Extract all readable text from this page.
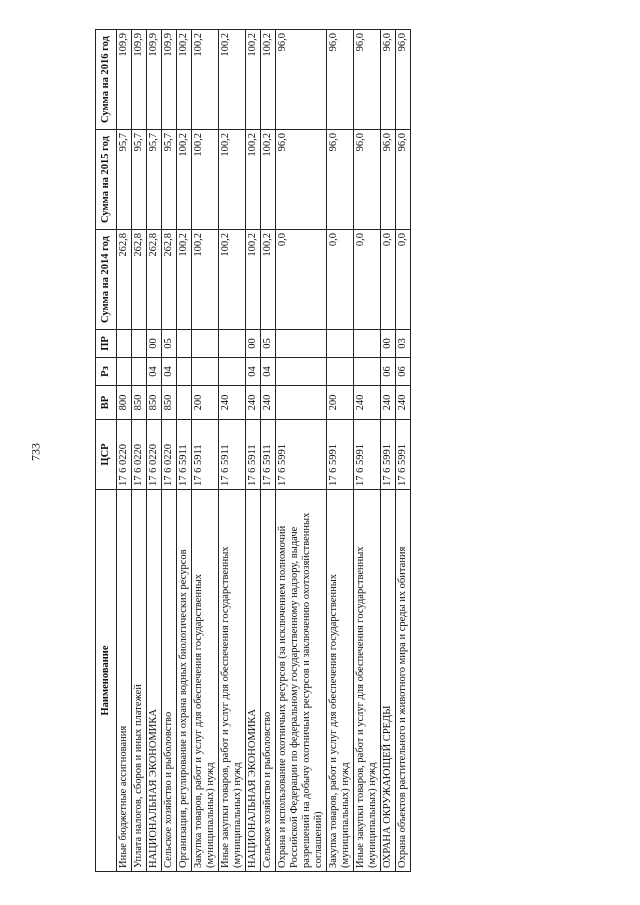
733
Наименование	ЦСР	ВР	Рз	ПР	Сумма на 2014 год	Сумма на 2015 год	Сумма на 2016 год
Иные бюджетные ассигнования	17 6 0220	800			262,8	95,7	109,9
Уплата налогов, сборов и иных платежей	17 6 0220	850			262,8	95,7	109,9
НАЦИОНАЛЬНАЯ ЭКОНОМИКА	17 6 0220	850	04	00	262,8	95,7	109,9
Сельское хозяйство и рыболовство	17 6 0220	850	04	05	262,8	95,7	109,9
Организация, регулирование и охрана водных биологических ресурсов	17 6 5911				100,2	100,2	100,2
Закупка товаров, работ и услуг для обеспечения государственных (муниципальных) нужд	17 6 5911	200			100,2	100,2	100,2
Иные закупки товаров, работ и услуг для обеспечения государственных (муниципальных) нужд	17 6 5911	240			100,2	100,2	100,2
НАЦИОНАЛЬНАЯ ЭКОНОМИКА	17 6 5911	240	04	00	100,2	100,2	100,2
Сельское хозяйство и рыболовство	17 6 5911	240	04	05	100,2	100,2	100,2
Охрана и использование охотничьих ресурсов (за исключением полномочий Российской Федерации по федеральному государственному надзору, выдаче разрешений на добычу охотничьих ресурсов и заключению охотхозяйственных соглашений)	17 6 5991				0,0	96,0	96,0
Закупка товаров, работ и услуг для обеспечения государственных (муниципальных) нужд	17 6 5991	200			0,0	96,0	96,0
Иные закупки товаров, работ и услуг для обеспечения государственных (муниципальных) нужд	17 6 5991	240			0,0	96,0	96,0
ОХРАНА ОКРУЖАЮЩЕЙ СРЕДЫ	17 6 5991	240	06	00	0,0	96,0	96,0
Охрана объектов растительного и животного мира и среды их обитания	17 6 5991	240	06	03	0,0	96,0	96,0
